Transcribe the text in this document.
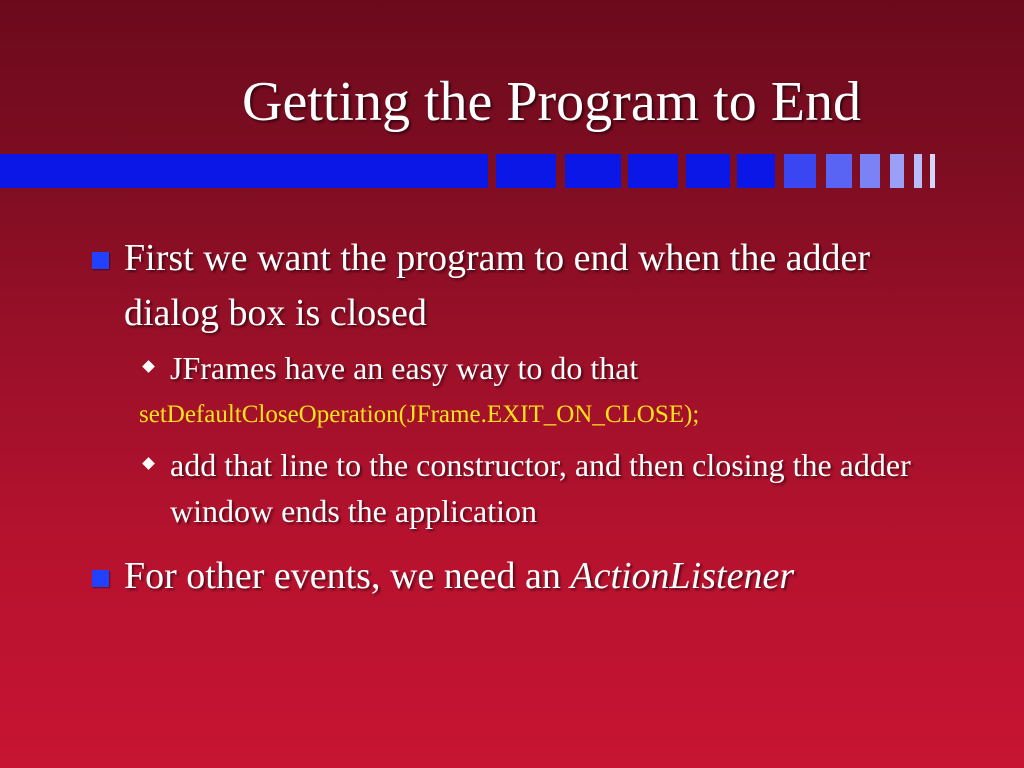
Getting the Program to End
First we want the program to end when the adder dialog box is closed
JFrames have an easy way to do that
setDefaultCloseOperation(JFrame.EXIT_ON_CLOSE);
add that line to the constructor, and then closing the adder window ends the application
For other events, we need an ActionListener
